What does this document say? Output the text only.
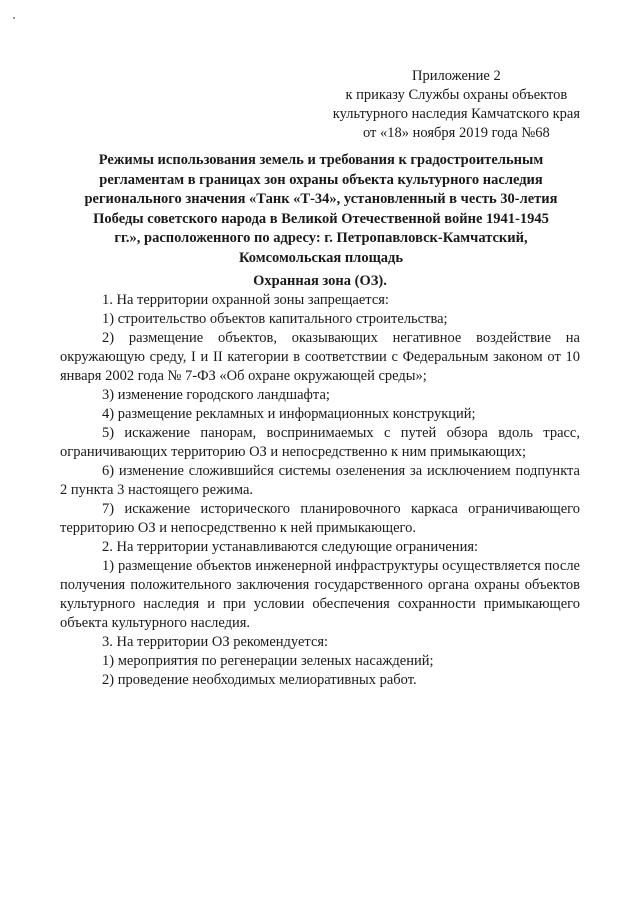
Приложение 2
к приказу Службы охраны объектов
культурного наследия Камчатского края
от «18» ноября 2019 года №68
Режимы использования земель и требования к градостроительным регламентам в границах зон охраны объекта культурного наследия регионального значения «Танк «Т-34», установленный в честь 30-летия Победы советского народа в Великой Отечественной войне 1941-1945 гг.», расположенного по адресу: г. Петропавловск-Камчатский, Комсомольская площадь

Охранная зона (ОЗ).

1. На территории охранной зоны запрещается:

1) строительство объектов капитального строительства;

2) размещение объектов, оказывающих негативное воздействие на окружающую среду, I и II категории в соответствии с Федеральным законом от 10 января 2002 года № 7-ФЗ «Об охране окружающей среды»;

3) изменение городского ландшафта;

4) размещение рекламных и информационных конструкций;

5) искажение панорам, воспринимаемых с путей обзора вдоль трасс, ограничивающих территорию ОЗ и непосредственно к ним примыкающих;

6) изменение сложившийся системы озеленения за исключением подпункта 2 пункта 3 настоящего режима.

7) искажение исторического планировочного каркаса ограничивающего территорию ОЗ и непосредственно к ней примыкающего.

2. На территории устанавливаются следующие ограничения:

1) размещение объектов инженерной инфраструктуры осуществляется после получения положительного заключения государственного органа охраны объектов культурного наследия и при условии обеспечения сохранности примыкающего объекта культурного наследия.

3. На территории ОЗ рекомендуется:

1) мероприятия по регенерации зеленых насаждений;

2) проведение необходимых мелиоративных работ.
